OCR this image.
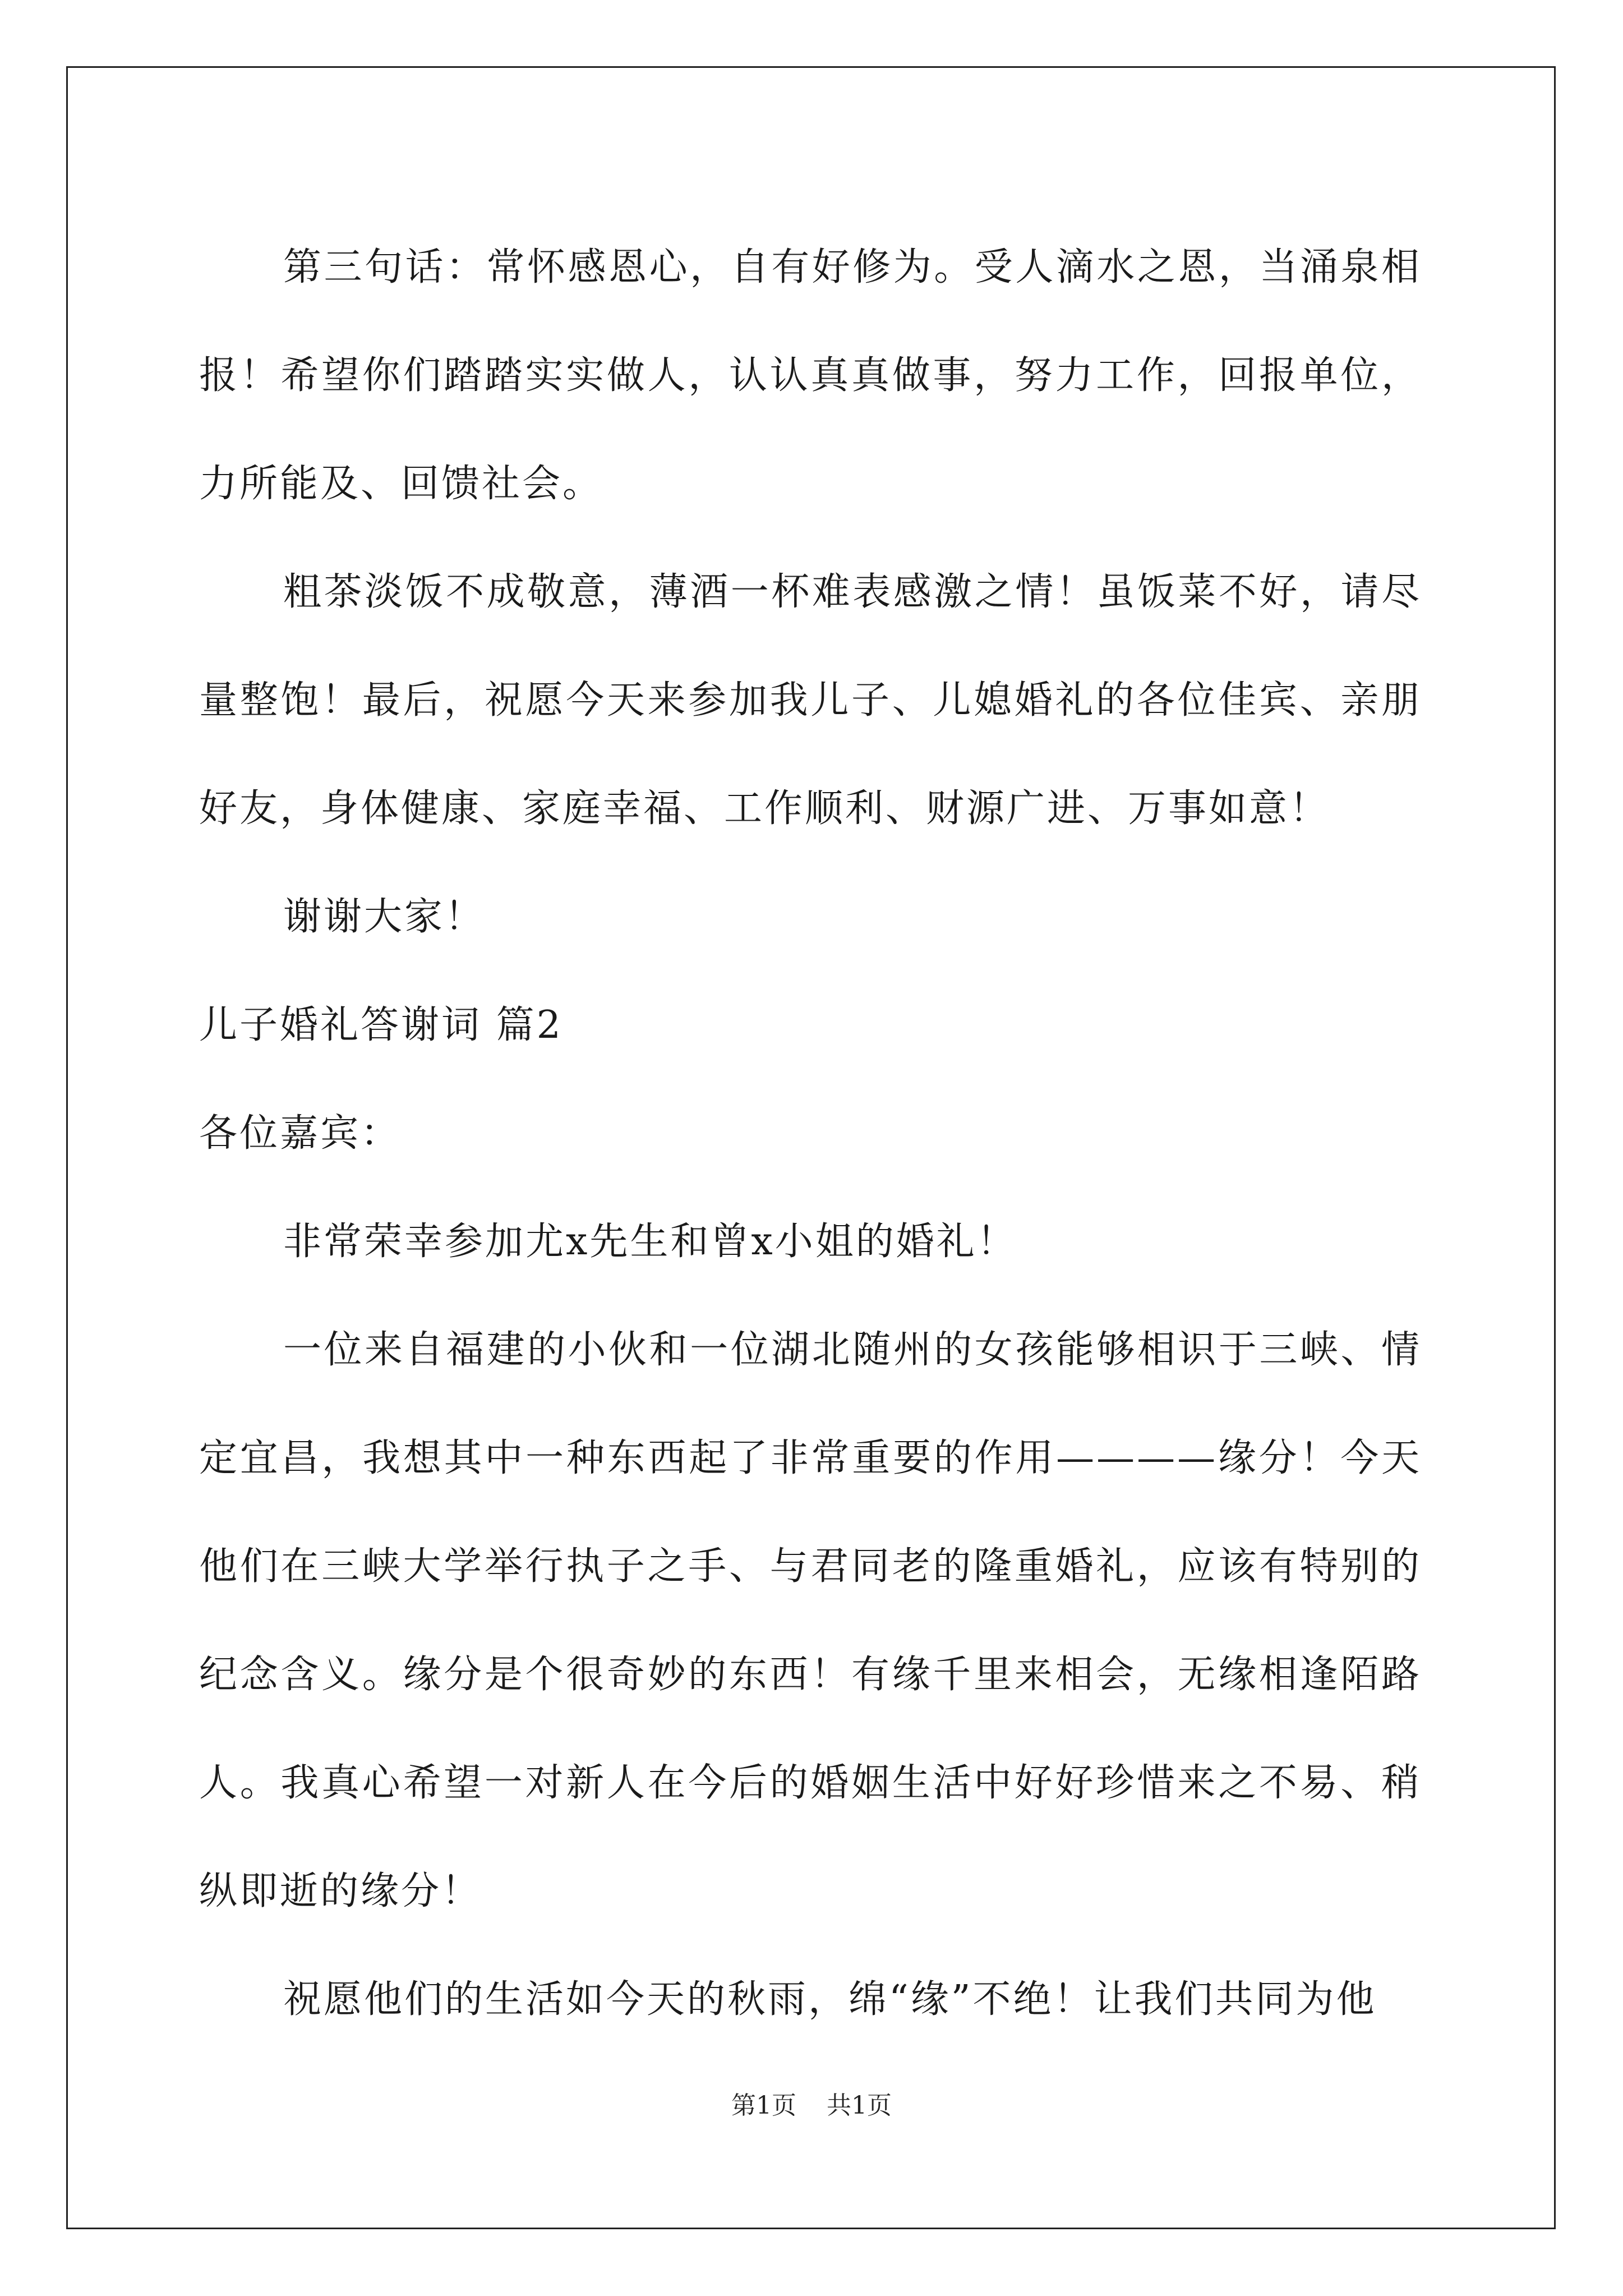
第三句话：常怀感恩心，自有好修为。受人滴水之恩，当涌泉相报！希望你们踏踏实实做人，认认真真做事，努力工作，回报单位，力所能及、回馈社会。

粗茶淡饭不成敬意，薄酒一杯难表感激之情！虽饭菜不好，请尽量整饱！最后，祝愿今天来参加我儿子、儿媳婚礼的各位佳宾、亲朋好友，身体健康、家庭幸福、工作顺利、财源广进、万事如意！

谢谢大家！

儿子婚礼答谢词 篇2

各位嘉宾：

非常荣幸参加尤x先生和曾x小姐的婚礼！

一位来自福建的小伙和一位湖北随州的女孩能够相识于三峡、情定宜昌，我想其中一种东西起了非常重要的作用————缘分！今天他们在三峡大学举行执子之手、与君同老的隆重婚礼，应该有特别的纪念含义。缘分是个很奇妙的东西！有缘千里来相会，无缘相逢陌路人。我真心希望一对新人在今后的婚姻生活中好好珍惜来之不易、稍纵即逝的缘分！

祝愿他们的生活如今天的秋雨，绵“缘”不绝！让我们共同为他

第1页 共1页
